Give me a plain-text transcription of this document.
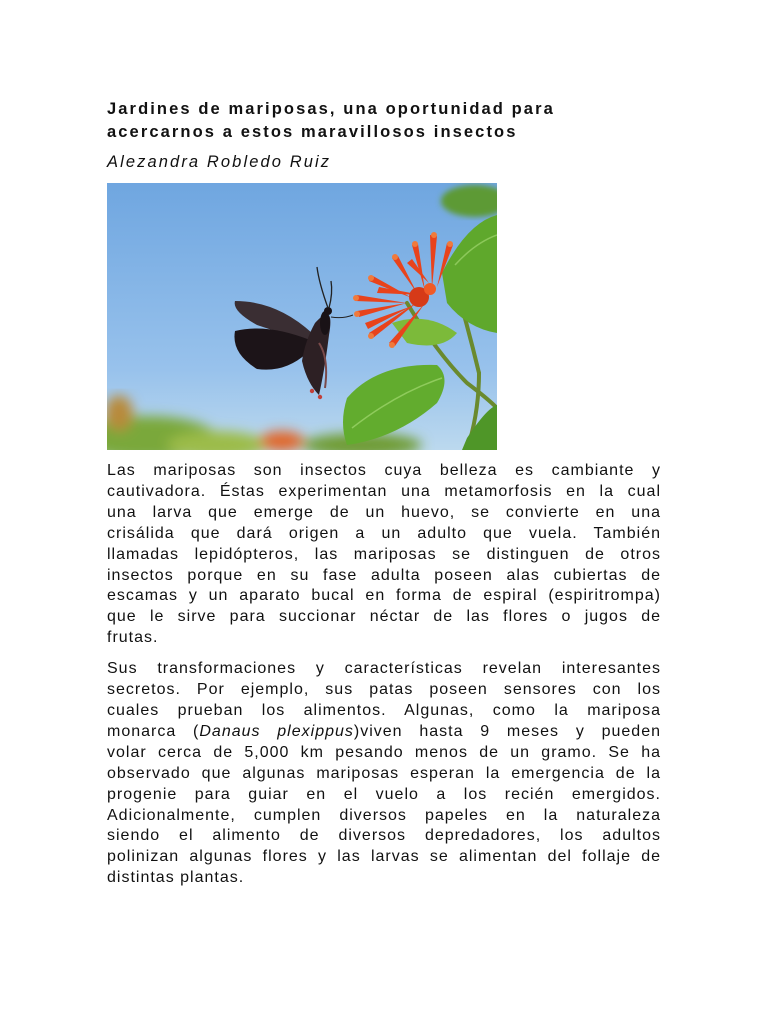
Jardines de mariposas, una oportunidad para
acercarnos a estos maravillosos insectos
Alezandra Robledo Ruiz

Las mariposas son insectos cuya belleza es cambiante y
cautivadora. Éstas experimentan una metamorfosis en la cual
una larva que emerge de un huevo, se convierte en una
crisálida que dará origen a un adulto que vuela. También
llamadas lepidópteros, las mariposas se distinguen de otros
insectos porque en su fase adulta poseen alas cubiertas de
escamas y un aparato bucal en forma de espiral (espiritrompa)
que le sirve para succionar néctar de las flores o jugos de
frutas.

Sus transformaciones y características revelan interesantes
secretos. Por ejemplo, sus patas poseen sensores con los
cuales prueban los alimentos. Algunas, como la mariposa
monarca (Danaus plexippus)viven hasta 9 meses y pueden
volar cerca de 5,000 km pesando menos de un gramo. Se ha
observado que algunas mariposas esperan la emergencia de la
progenie para guiar en el vuelo a los recién emergidos.
Adicionalmente, cumplen diversos papeles en la naturaleza
siendo el alimento de diversos depredadores, los adultos
polinizan algunas flores y las larvas se alimentan del follaje de
distintas plantas.
